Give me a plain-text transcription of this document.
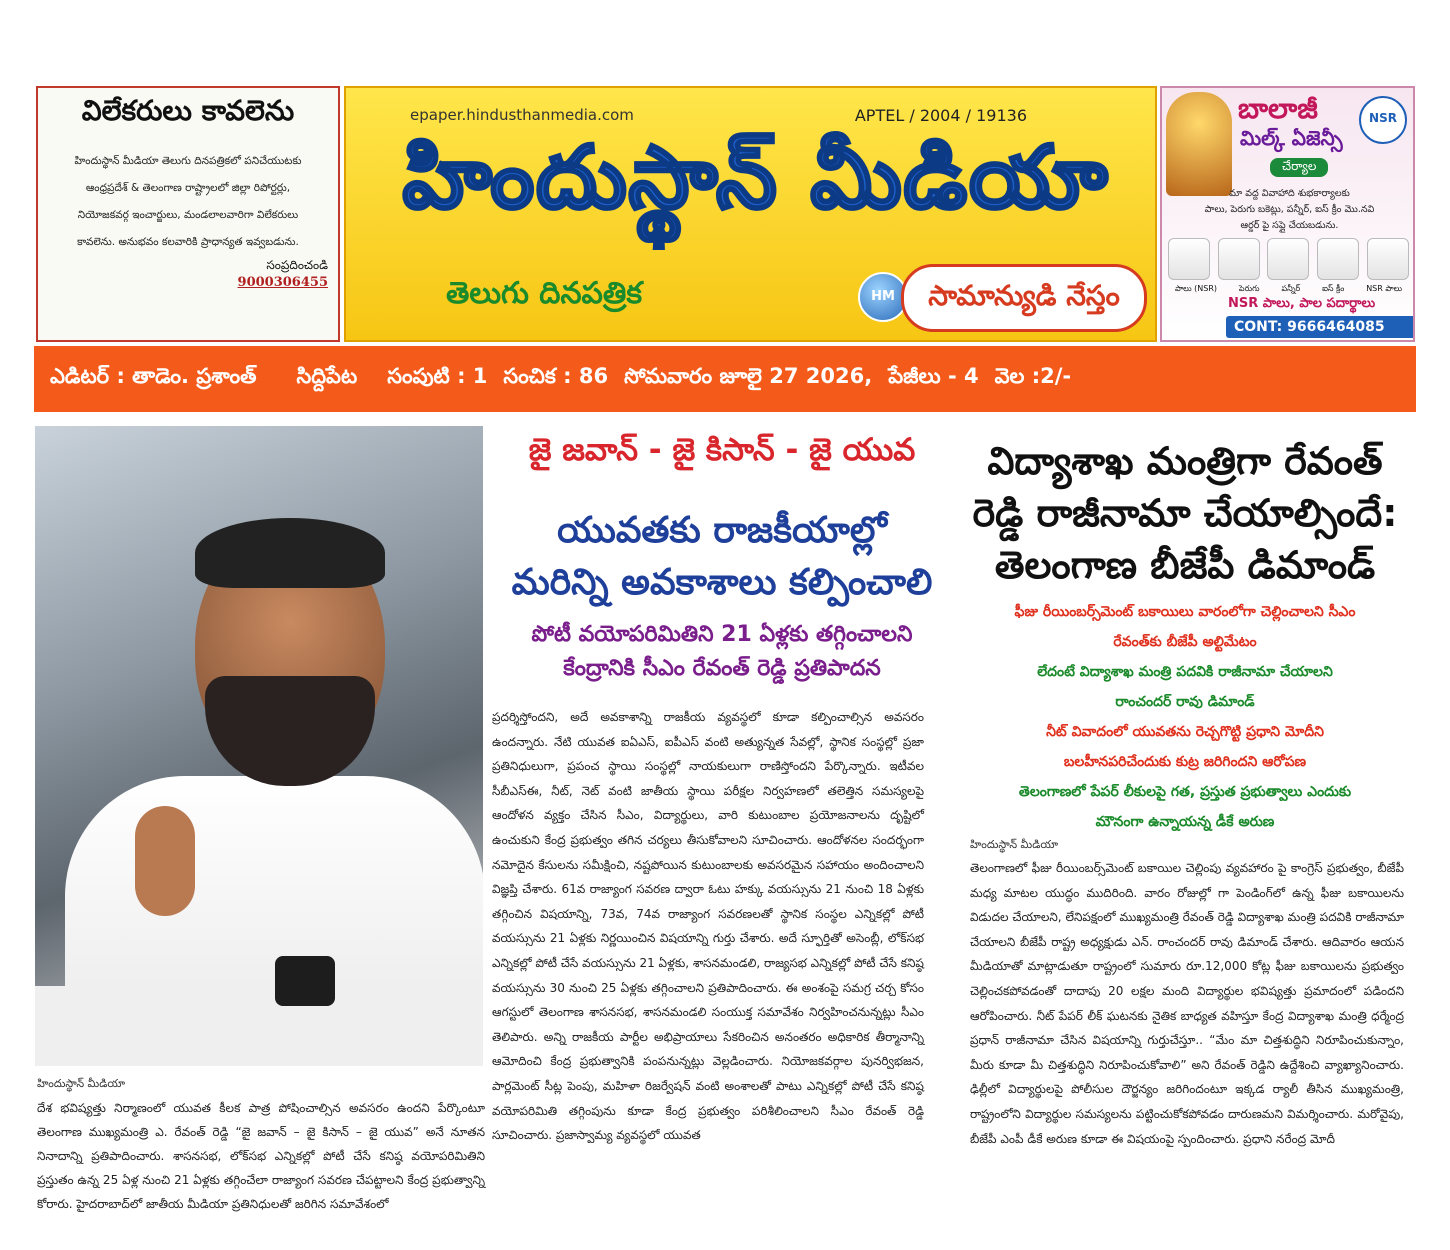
విలేకరులు కావలెను
హిందుస్థాన్ మీడియా తెలుగు దినపత్రికలో పనిచేయుటకు
ఆంధ్రప్రదేశ్ & తెలంగాణ రాష్ట్రాలలో జిల్లా రిపోర్టర్లు,
నియోజకవర్గ ఇంచార్జులు, మండలాలవారిగా విలేకరులు
కావలెను. అనుభవం కలవారికి ప్రాధాన్యత ఇవ్వబడును.
సంప్రదించండి
9000306455
epaper.hindusthanmedia.com	APTEL / 2004 / 19136
హిందుస్థాన్ మీడియా
తెలుగు దినపత్రిక	HM	సామాన్యుడి నేస్తం
బాలాజీ	NSR
మిల్క్ ఏజెన్సీ
చేర్యాల
మా వద్ద వివాహాది శుభకార్యాలకు
పాలు, పెరుగు బకెట్లు, పన్నీర్, ఐస్ క్రీం మొ.నవి
ఆర్డర్ పై సప్లై చేయబడును.
పాలు (NSR)	పెరుగు	పన్నీర్	ఐస్ క్రీం	NSR పాలు
NSR పాలు, పాల పదార్థాలు
CONT: 9666464085
ఎడిటర్ : తాడెం. ప్రశాంత్ సిద్దిపేట సంపుటి : 1 సంచిక : 86 సోమవారం జూలై 27 2026, పేజీలు - 4 వెల :2/-
హిందుస్థాన్ మీడియా
దేశ భవిష్యత్తు నిర్మాణంలో యువత కీలక పాత్ర పోషించాల్సిన అవసరం ఉందని పేర్కొంటూ తెలంగాణ ముఖ్యమంత్రి ఎ. రేవంత్ రెడ్డి “జై జవాన్ – జై కిసాన్ – జై యువ” అనే నూతన నినాదాన్ని ప్రతిపాదించారు. శాసనసభ, లోక్‌సభ ఎన్నికల్లో పోటీ చేసే కనిష్ఠ వయోపరిమితిని ప్రస్తుతం ఉన్న 25 ఏళ్ల నుంచి 21 ఏళ్లకు తగ్గించేలా రాజ్యాంగ సవరణ చేపట్టాలని కేంద్ర ప్రభుత్వాన్ని కోరారు. హైదరాబాద్‌లో జాతీయ మీడియా ప్రతినిధులతో జరిగిన సమావేశంలో
జై జవాన్ - జై కిసాన్ - జై యువ
యువతకు రాజకీయాల్లో
మరిన్ని అవకాశాలు కల్పించాలి
పోటీ వయోపరిమితిని 21 ఏళ్లకు తగ్గించాలని
కేంద్రానికి సీఎం రేవంత్ రెడ్డి ప్రతిపాదన
ప్రదర్శిస్తోందని, అదే అవకాశాన్ని రాజకీయ వ్యవస్థలో కూడా కల్పించాల్సిన అవసరం ఉందన్నారు. నేటి యువత ఐఏఎస్, ఐపీఎస్ వంటి అత్యున్నత సేవల్లో, స్థానిక సంస్థల్లో ప్రజా ప్రతినిధులుగా, ప్రపంచ స్థాయి సంస్థల్లో నాయకులుగా రాణిస్తోందని పేర్కొన్నారు. ఇటీవల సీబీఎస్‌ఈ, నీట్, నెట్ వంటి జాతీయ స్థాయి పరీక్షల నిర్వహణలో తలెత్తిన సమస్యలపై ఆందోళన వ్యక్తం చేసిన సీఎం, విద్యార్థులు, వారి కుటుంబాల ప్రయోజనాలను దృష్టిలో ఉంచుకుని కేంద్ర ప్రభుత్వం తగిన చర్యలు తీసుకోవాలని సూచించారు. ఆందోళనల సందర్భంగా నమోదైన కేసులను సమీక్షించి, నష్టపోయిన కుటుంబాలకు అవసరమైన సహాయం అందించాలని విజ్ఞప్తి చేశారు. 61వ రాజ్యాంగ సవరణ ద్వారా ఓటు హక్కు వయస్సును 21 నుంచి 18 ఏళ్లకు తగ్గించిన విషయాన్ని, 73వ, 74వ రాజ్యాంగ సవరణలతో స్థానిక సంస్థల ఎన్నికల్లో పోటీ వయస్సును 21 ఏళ్లకు నిర్ణయించిన విషయాన్ని గుర్తు చేశారు. అదే స్ఫూర్తితో అసెంబ్లీ, లోక్‌సభ ఎన్నికల్లో పోటీ చేసే వయస్సును 21 ఏళ్లకు, శాసనమండలి, రాజ్యసభ ఎన్నికల్లో పోటీ చేసే కనిష్ఠ వయస్సును 30 నుంచి 25 ఏళ్లకు తగ్గించాలని ప్రతిపాదించారు. ఈ అంశంపై సమగ్ర చర్చ కోసం ఆగస్టులో తెలంగాణ శాసనసభ, శాసనమండలి సంయుక్త సమావేశం నిర్వహించనున్నట్లు సీఎం తెలిపారు. అన్ని రాజకీయ పార్టీల అభిప్రాయాలు సేకరించిన అనంతరం అధికారిక తీర్మానాన్ని ఆమోదించి కేంద్ర ప్రభుత్వానికి పంపనున్నట్లు వెల్లడించారు. నియోజకవర్గాల పునర్విభజన, పార్లమెంట్ సీట్ల పెంపు, మహిళా రిజర్వేషన్ వంటి అంశాలతో పాటు ఎన్నికల్లో పోటీ చేసే కనిష్ఠ వయోపరిమితి తగ్గింపును కూడా కేంద్ర ప్రభుత్వం పరిశీలించాలని సీఎం రేవంత్ రెడ్డి సూచించారు. ప్రజాస్వామ్య వ్యవస్థలో యువత
విద్యాశాఖ మంత్రిగా రేవంత్
రెడ్డి రాజీనామా చేయాల్సిందే:
తెలంగాణ బీజేపీ డిమాండ్
ఫీజు రీయింబర్స్‌మెంట్ బకాయిలు వారంలోగా చెల్లించాలని సీఎం
రేవంత్‌కు బీజేపీ అల్టిమేటం
లేదంటే విద్యాశాఖ మంత్రి పదవికి రాజీనామా చేయాలని
రాంచందర్ రావు డిమాండ్
నీట్ వివాదంలో యువతను రెచ్చగొట్టి ప్రధాని మోదీని
బలహీనపరిచేందుకు కుట్ర జరిగిందని ఆరోపణ
తెలంగాణలో పేపర్ లీకులపై గత, ప్రస్తుత ప్రభుత్వాలు ఎందుకు
మౌనంగా ఉన్నాయన్న డీకే అరుణ
హిందుస్థాన్ మీడియా
తెలంగాణలో ఫీజు రీయింబర్స్‌మెంట్ బకాయిల చెల్లింపు వ్యవహారం పై కాంగ్రెస్ ప్రభుత్వం, బీజేపీ మధ్య మాటల యుద్ధం ముదిరింది. వారం రోజుల్లో గా పెండింగ్‌లో ఉన్న ఫీజు బకాయిలను విడుదల చేయాలని, లేనిపక్షంలో ముఖ్యమంత్రి రేవంత్ రెడ్డి విద్యాశాఖ మంత్రి పదవికి రాజీనామా చేయాలని బీజేపీ రాష్ట్ర అధ్యక్షుడు ఎన్. రాంచందర్ రావు డిమాండ్ చేశారు. ఆదివారం ఆయన మీడియాతో మాట్లాడుతూ రాష్ట్రంలో సుమారు రూ.12,000 కోట్ల ఫీజు బకాయిలను ప్రభుత్వం చెల్లించకపోవడంతో దాదాపు 20 లక్షల మంది విద్యార్థుల భవిష్యత్తు ప్రమాదంలో పడిందని ఆరోపించారు. నీట్ పేపర్ లీక్ ఘటనకు నైతిక బాధ్యత వహిస్తూ కేంద్ర విద్యాశాఖ మంత్రి ధర్మేంద్ర ప్రధాన్ రాజీనామా చేసిన విషయాన్ని గుర్తుచేస్తూ.. “మేం మా చిత్తశుద్ధిని నిరూపించుకున్నాం, మీరు కూడా మీ చిత్తశుద్ధిని నిరూపించుకోవాలి” అని రేవంత్ రెడ్డిని ఉద్దేశించి వ్యాఖ్యానించారు. ఢిల్లీలో విద్యార్థులపై పోలీసుల దౌర్జన్యం జరిగిందంటూ ఇక్కడ ర్యాలీ తీసిన ముఖ్యమంత్రి, రాష్ట్రంలోని విద్యార్థుల సమస్యలను పట్టించుకోకపోవడం దారుణమని విమర్శించారు. మరోవైపు, బీజేపీ ఎంపీ డీకే అరుణ కూడా ఈ విషయంపై స్పందించారు. ప్రధాని నరేంద్ర మోదీ
